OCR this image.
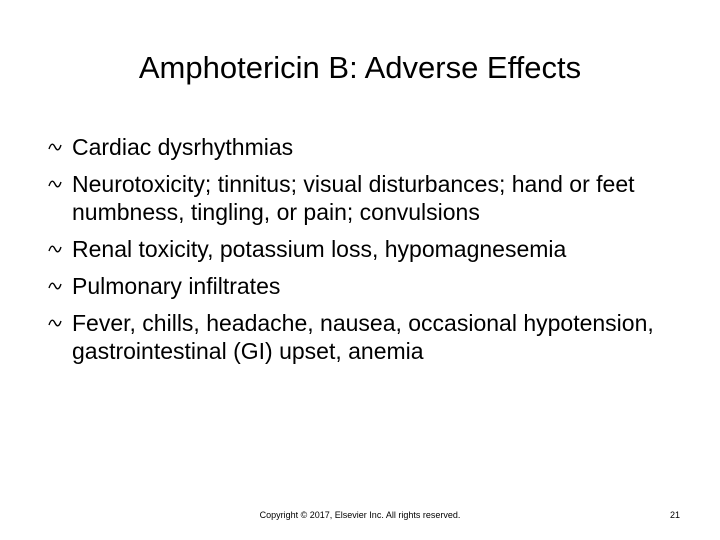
Amphotericin B: Adverse Effects
Cardiac dysrhythmias
Neurotoxicity; tinnitus; visual disturbances; hand or feet numbness, tingling, or pain; convulsions
Renal toxicity, potassium loss, hypomagnesemia
Pulmonary infiltrates
Fever, chills, headache, nausea, occasional hypotension, gastrointestinal (GI) upset, anemia
Copyright © 2017, Elsevier Inc. All rights reserved.	21
